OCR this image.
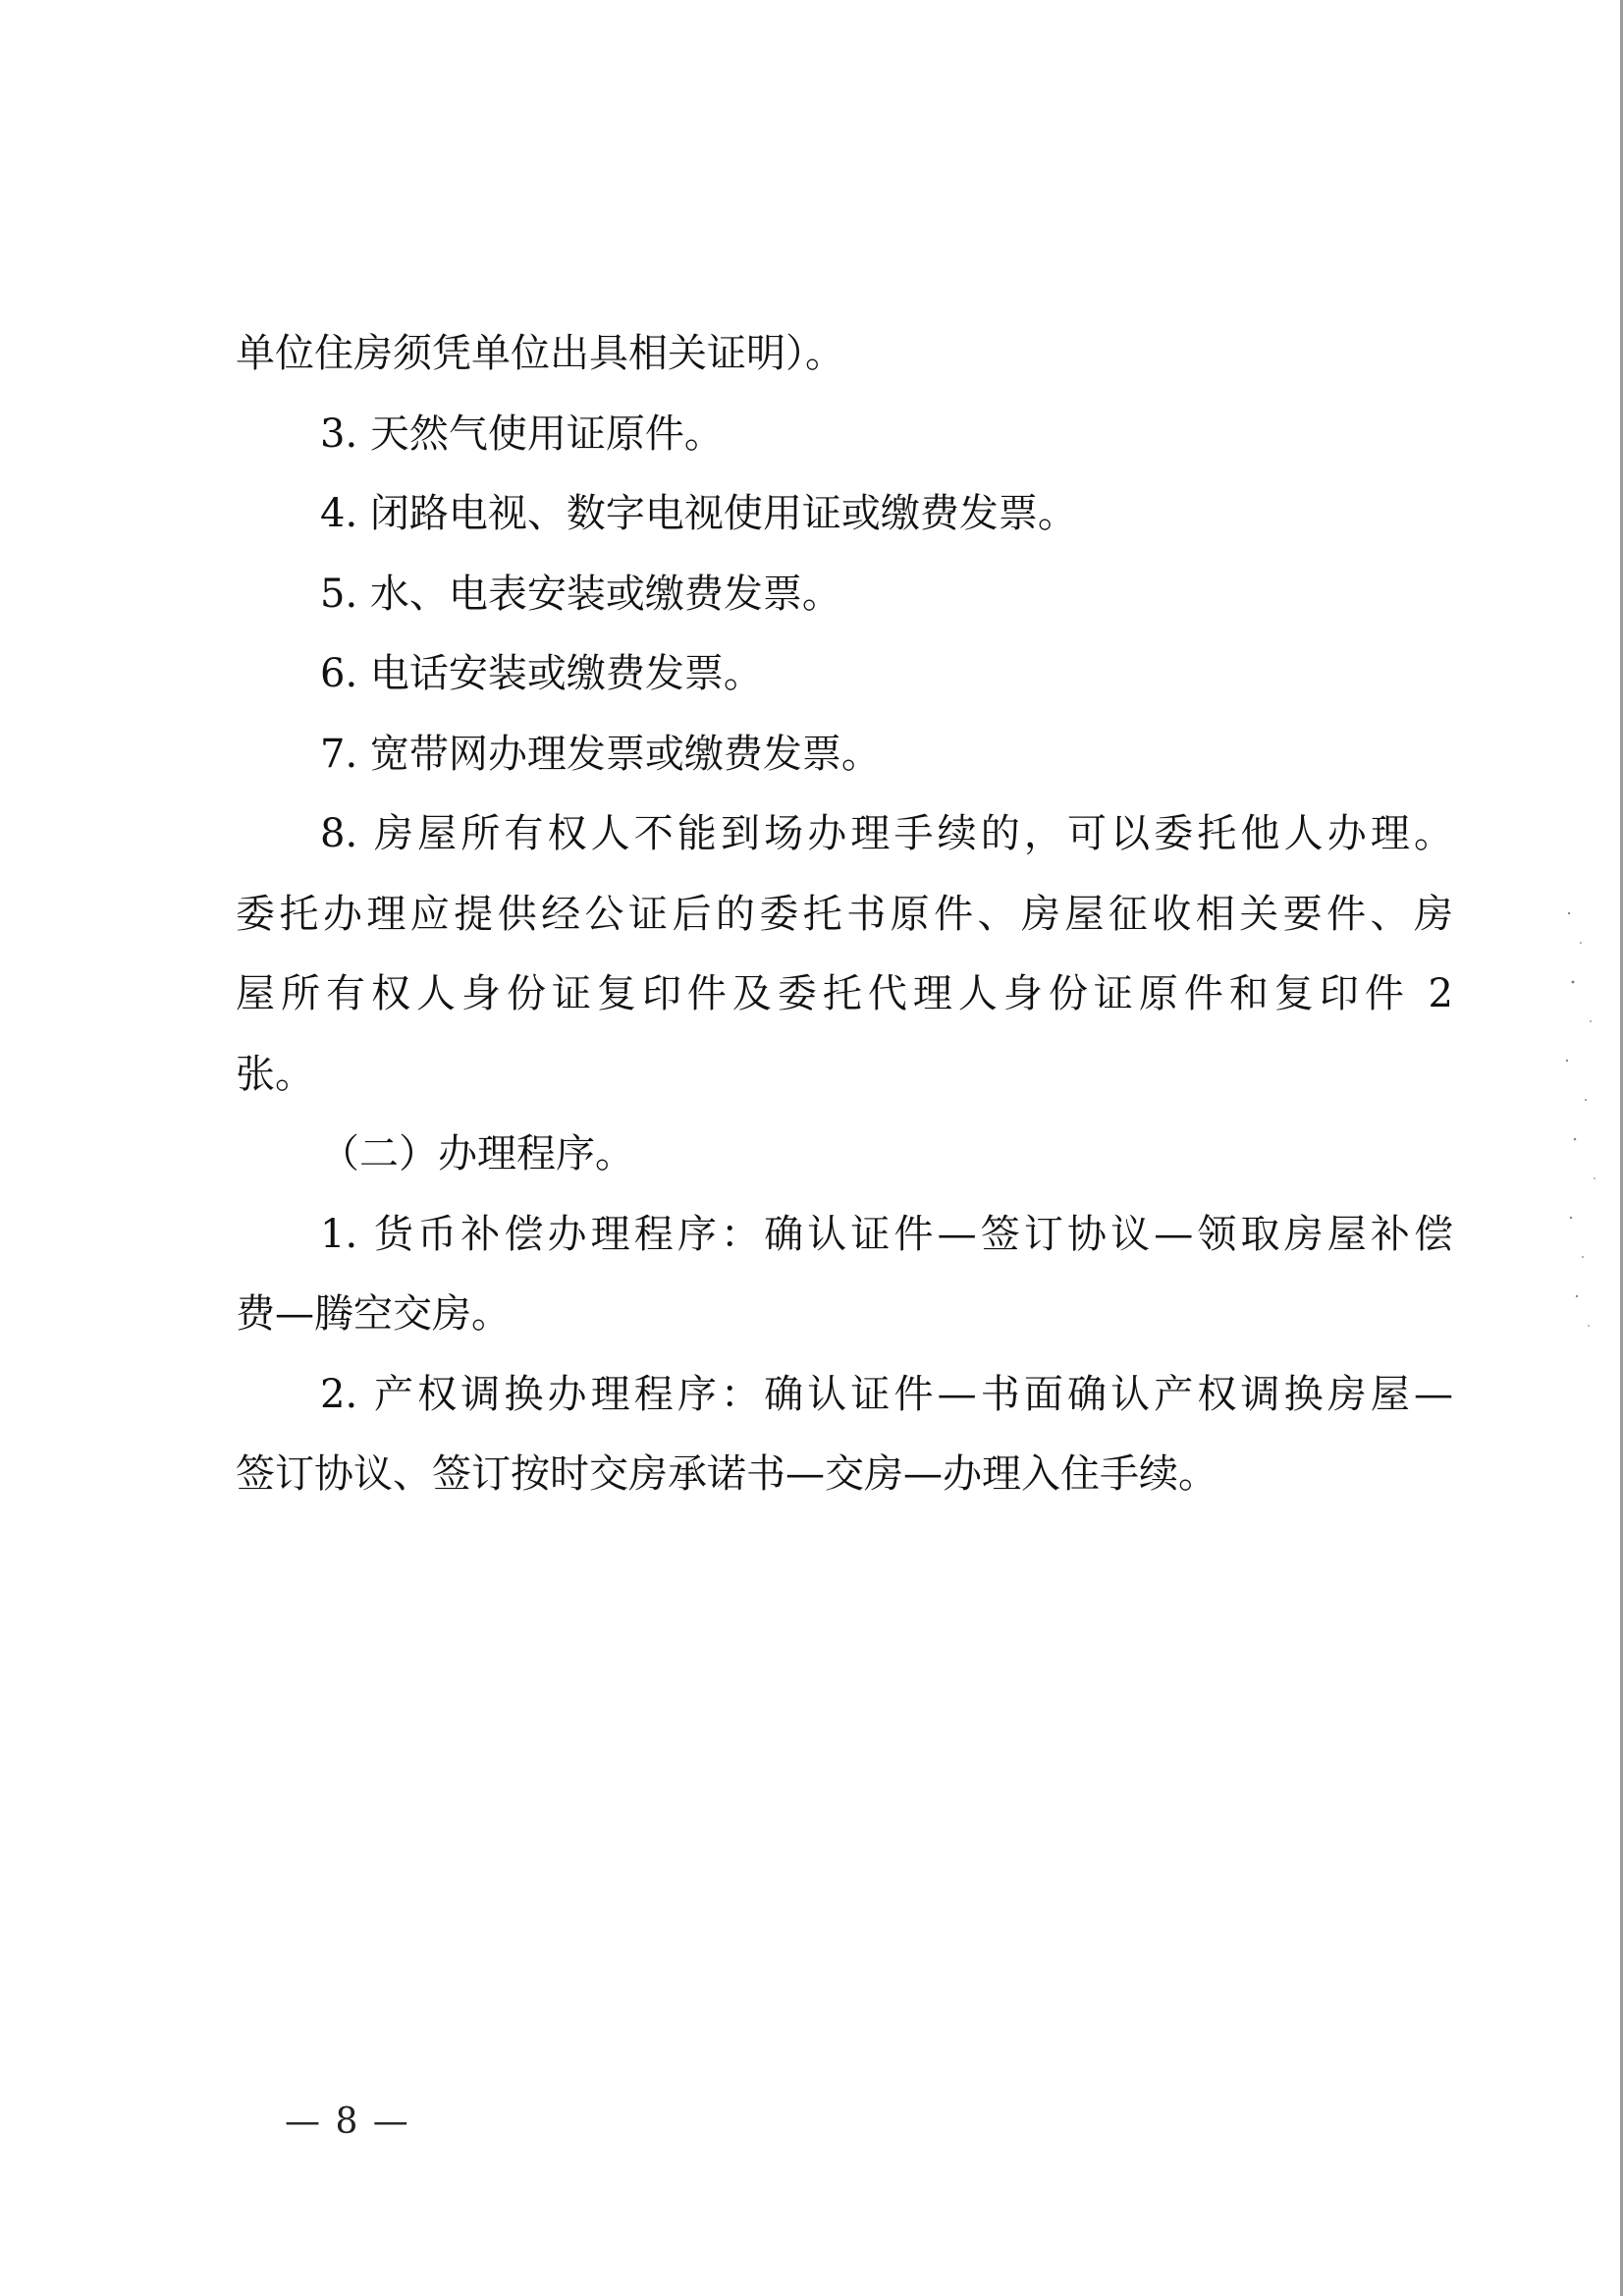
单位住房须凭单位出具相关证明）。

3. 天然气使用证原件。

4. 闭路电视、数字电视使用证或缴费发票。

5. 水、电表安装或缴费发票。

6. 电话安装或缴费发票。

7. 宽带网办理发票或缴费发票。

8. 房屋所有权人不能到场办理手续的，可以委托他人办理。

委托办理应提供经公证后的委托书原件、房屋征收相关要件、房

屋所有权人身份证复印件及委托代理人身份证原件和复印件 2

张。

（二）办理程序。

1. 货币补偿办理程序：确认证件—签订协议—领取房屋补偿

费—腾空交房。

2. 产权调换办理程序：确认证件—书面确认产权调换房屋—

签订协议、签订按时交房承诺书—交房—办理入住手续。

— 8 —
